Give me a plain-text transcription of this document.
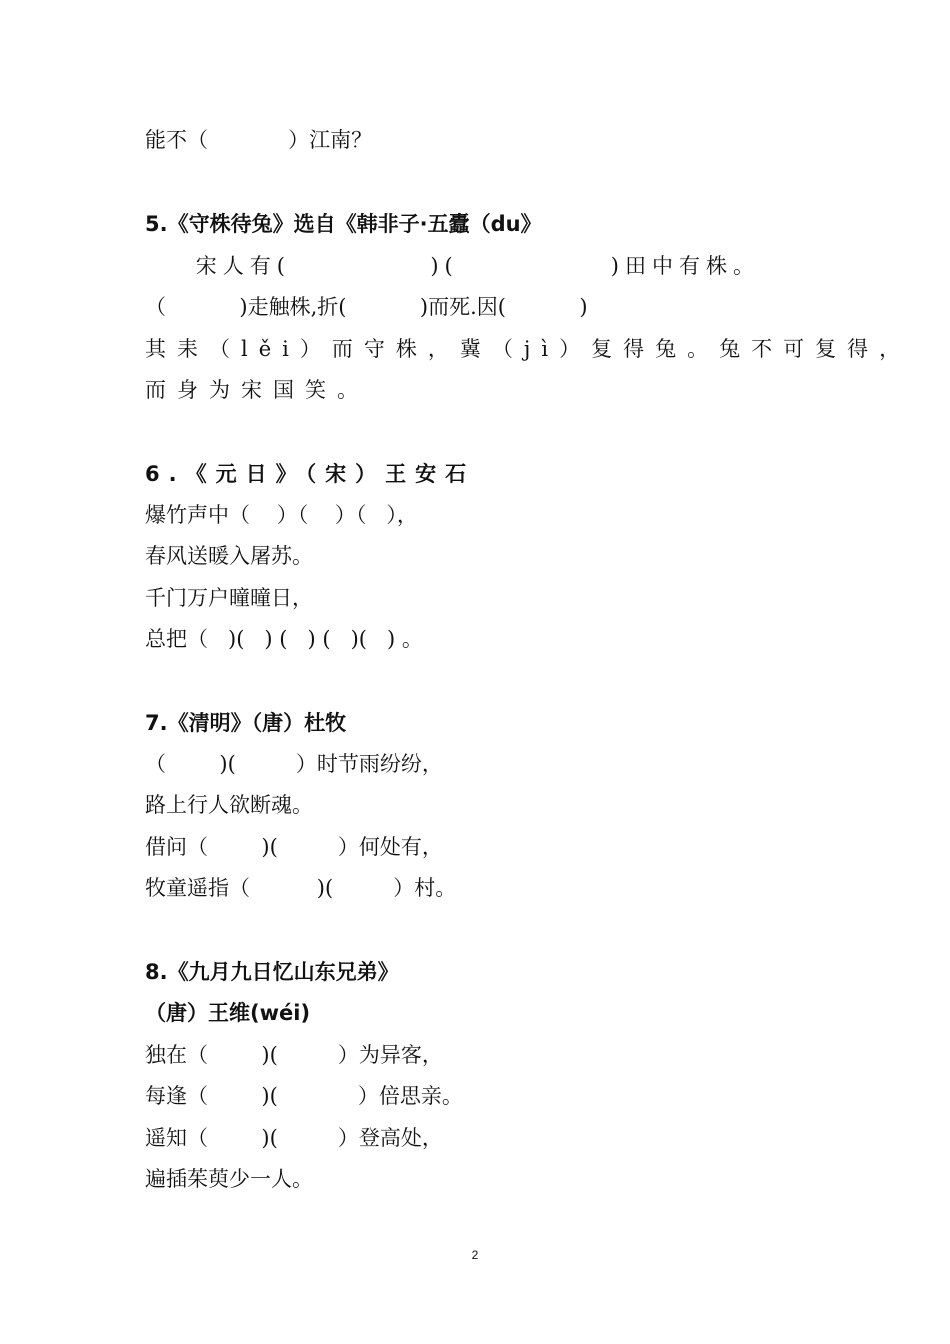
能不（            ）江南？
5.《守株待兔》选自《韩非子·五蠹（du》
宋人有(           )(            )田中有株。
（           )走触株,折(           )而死.因(           )
其耒（lěi）而守株，冀（jì）复得兔。兔不可复得，
而身为宋国笑。
6.《元日》（宋）王安石
爆竹声中（    ）（    ）（   ），
春风送暖入屠苏。
千门万户曈曈日，
总把（   )(   ) (   ) (   )(   ) 。
7.《清明》（唐）杜牧
（        )(         ）时节雨纷纷，
路上行人欲断魂。
借问（        )(         ）何处有，
牧童遥指（          )(         ）村。
8.《九月九日忆山东兄弟》
（唐）王维(wéi)
独在（        )(         ）为异客，
每逢（        )(            ）倍思亲。
遥知（        )(         ）登高处，
遍插茱萸少一人。
2
